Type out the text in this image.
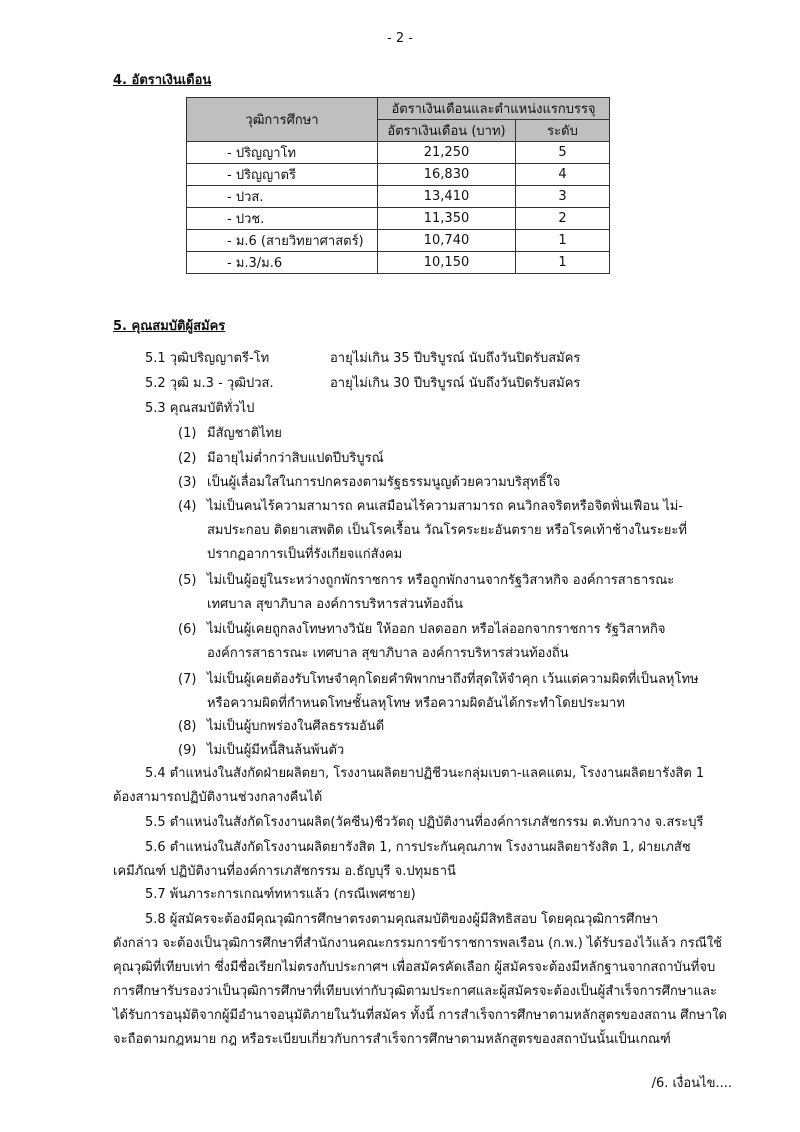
- 2 -
4. อัตราเงินเดือน
วุฒิการศึกษา	อัตราเงินเดือนและตำแหน่งแรกบรรจุ	
	อัตราเงินเดือน (บาท)	ระดับ
- ปริญญาโท	21,250	5
- ปริญญาตรี	16,830	4
- ปวส.	13,410	3
- ปวช.	11,350	2
- ม.6 (สายวิทยาศาสตร์)	10,740	1
- ม.3/ม.6	10,150	1
5. คุณสมบัติผู้สมัคร
5.1 วุฒิปริญญาตรี-โท	อายุไม่เกิน 35 ปีบริบูรณ์ นับถึงวันปิดรับสมัคร
5.2 วุฒิ ม.3 - วุฒิปวส.	อายุไม่เกิน 30 ปีบริบูรณ์ นับถึงวันปิดรับสมัคร
5.3 คุณสมบัติทั่วไป
(1) มีสัญชาติไทย
(2) มีอายุไม่ต่ำกว่าสิบแปดปีบริบูรณ์
(3) เป็นผู้เลื่อมใสในการปกครองตามรัฐธรรมนูญด้วยความบริสุทธิ์ใจ
(4) ไม่เป็นคนไร้ความสามารถ คนเสมือนไร้ความสามารถ คนวิกลจริตหรือจิตฟั่นเฟือน ไม่-
สมประกอบ ติดยาเสพติด เป็นโรคเรื้อน วัณโรคระยะอันตราย หรือโรคเท้าช้างในระยะที่
ปรากฏอาการเป็นที่รังเกียจแก่สังคม
(5) ไม่เป็นผู้อยู่ในระหว่างถูกพักราชการ หรือถูกพักงานจากรัฐวิสาหกิจ องค์การสาธารณะ
เทศบาล สุขาภิบาล องค์การบริหารส่วนท้องถิ่น
(6) ไม่เป็นผู้เคยถูกลงโทษทางวินัย ให้ออก ปลดออก หรือไล่ออกจากราชการ รัฐวิสาหกิจ
องค์การสาธารณะ เทศบาล สุขาภิบาล องค์การบริหารส่วนท้องถิ่น
(7) ไม่เป็นผู้เคยต้องรับโทษจำคุกโดยคำพิพากษาถึงที่สุดให้จำคุก เว้นแต่ความผิดที่เป็นลหุโทษ
หรือความผิดที่กำหนดโทษชั้นลหุโทษ หรือความผิดอันได้กระทำโดยประมาท
(8) ไม่เป็นผู้บกพร่องในศีลธรรมอันดี
(9) ไม่เป็นผู้มีหนี้สินล้นพ้นตัว
5.4 ตำแหน่งในสังกัดฝ่ายผลิตยา, โรงงานผลิตยาปฏิชีวนะกลุ่มเบตา-แลคแตม, โรงงานผลิตยารังสิต 1
ต้องสามารถปฏิบัติงานช่วงกลางคืนได้
5.5 ตำแหน่งในสังกัดโรงงานผลิต(วัคซีน)ชีววัตถุ ปฏิบัติงานที่องค์การเภสัชกรรม ต.ทับกวาง จ.สระบุรี
5.6 ตำแหน่งในสังกัดโรงงานผลิตยารังสิต 1, การประกันคุณภาพ โรงงานผลิตยารังสิต 1, ฝ่ายเภสัช
เคมีภัณฑ์ ปฏิบัติงานที่องค์การเภสัชกรรม อ.ธัญบุรี จ.ปทุมธานี
5.7 พ้นภาระการเกณฑ์ทหารแล้ว (กรณีเพศชาย)
5.8 ผู้สมัครจะต้องมีคุณวุฒิการศึกษาตรงตามคุณสมบัติของผู้มีสิทธิสอบ โดยคุณวุฒิการศึกษา
ดังกล่าว จะต้องเป็นวุฒิการศึกษาที่สำนักงานคณะกรรมการข้าราชการพลเรือน (ก.พ.) ได้รับรองไว้แล้ว กรณีใช้
คุณวุฒิที่เทียบเท่า ซึ่งมีชื่อเรียกไม่ตรงกับประกาศฯ เพื่อสมัครคัดเลือก ผู้สมัครจะต้องมีหลักฐานจากสถาบันที่จบ
การศึกษารับรองว่าเป็นวุฒิการศึกษาที่เทียบเท่ากับวุฒิตามประกาศและผู้สมัครจะต้องเป็นผู้สำเร็จการศึกษาและ
ได้รับการอนุมัติจากผู้มีอำนาจอนุมัติภายในวันที่สมัคร ทั้งนี้ การสำเร็จการศึกษาตามหลักสูตรของสถาน ศึกษาใด
จะถือตามกฎหมาย กฎ หรือระเบียบเกี่ยวกับการสำเร็จการศึกษาตามหลักสูตรของสถาบันนั้นเป็นเกณฑ์
/6. เงื่อนไข....
